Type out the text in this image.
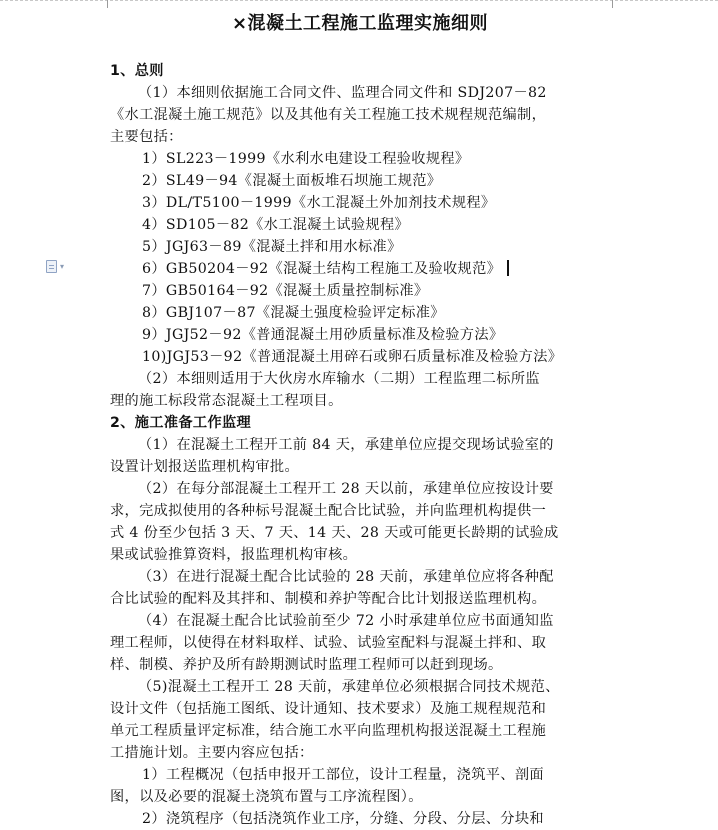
▾
×混凝土工程施工监理实施细则
1、总则
（1）本细则依据施工合同文件、监理合同文件和 SDJ207－82
《水工混凝土施工规范》以及其他有关工程施工技术规程规范编制，
主要包括：
1）SL223－1999《水利水电建设工程验收规程》
2）SL49－94《混凝土面板堆石坝施工规范》
3）DL/T5100－1999《水工混凝土外加剂技术规程》
4）SD105－82《水工混凝土试验规程》
5）JGJ63－89《混凝土拌和用水标准》
6）GB50204－92《混凝土结构工程施工及验收规范》
7）GB50164－92《混凝土质量控制标准》
8）GBJ107－87《混凝土强度检验评定标准》
9）JGJ52－92《普通混凝土用砂质量标准及检验方法》
10)JGJ53－92《普通混凝土用碎石或卵石质量标准及检验方法》
（2）本细则适用于大伙房水库输水（二期）工程监理二标所监
理的施工标段常态混凝土工程项目。
2、施工准备工作监理
（1）在混凝土工程开工前 84 天，承建单位应提交现场试验室的
设置计划报送监理机构审批。
（2）在每分部混凝土工程开工 28 天以前，承建单位应按设计要
求，完成拟使用的各种标号混凝土配合比试验，并向监理机构提供一
式 4 份至少包括 3 天、7 天、14 天、28 天或可能更长龄期的试验成
果或试验推算资料，报监理机构审核。
（3）在进行混凝土配合比试验的 28 天前，承建单位应将各种配
合比试验的配料及其拌和、制模和养护等配合比计划报送监理机构。
（4）在混凝土配合比试验前至少 72 小时承建单位应书面通知监
理工程师，以使得在材料取样、试验、试验室配料与混凝土拌和、取
样、制模、养护及所有龄期测试时监理工程师可以赶到现场。
（5)混凝土工程开工 28 天前，承建单位必须根据合同技术规范、
设计文件（包括施工图纸、设计通知、技术要求）及施工规程规范和
单元工程质量评定标准，结合施工水平向监理机构报送混凝土工程施
工措施计划。主要内容应包括：
1）工程概况（包括申报开工部位，设计工程量，浇筑平、剖面
图，以及必要的混凝土浇筑布置与工序流程图）。
2）浇筑程序（包括浇筑作业工序，分缝、分段、分层、分块和
